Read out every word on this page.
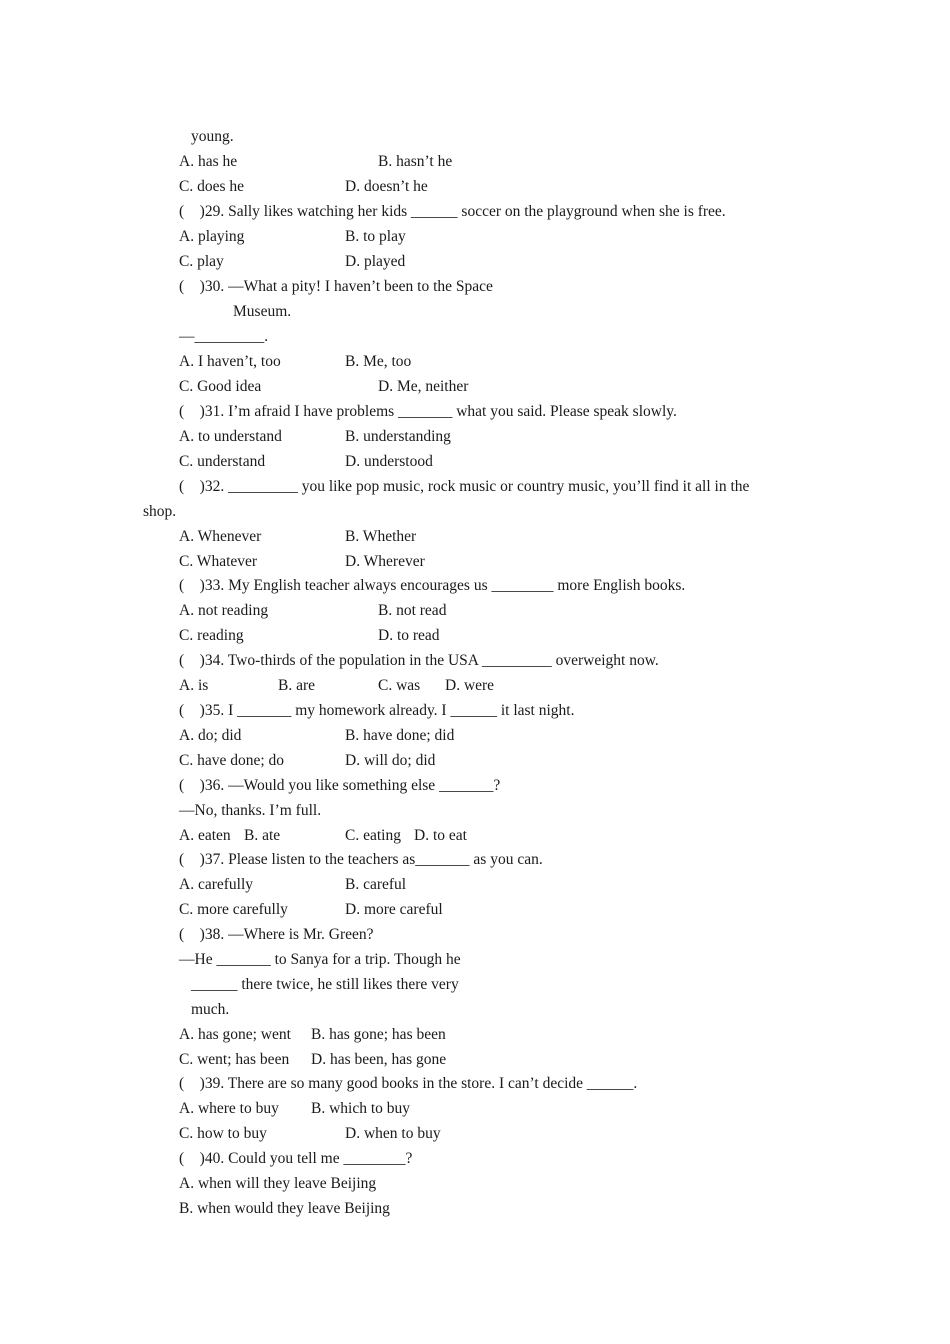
young.
A. has he	B. hasn’t he
C. does he	D. doesn’t he
(    )29. Sally likes watching her kids ______ soccer on the playground when she is free.
A. playing	B. to play
C. play	D. played
(    )30. —What a pity! I haven’t been to the Space
Museum.
—_________.
A. I haven’t, too	B. Me, too
C. Good idea	D. Me, neither
(    )31. I’m afraid I have problems _______ what you said. Please speak slowly.
A. to understand	B. understanding
C. understand	D. understood
(    )32. _________ you like pop music, rock music or country music, you’ll find it all in the
shop.
A. Whenever	B. Whether
C. Whatever	D. Wherever
(    )33. My English teacher always encourages us ________ more English books.
A. not reading	B. not read
C. reading	D. to read
(    )34. Two-thirds of the population in the USA _________ overweight now.
A. is	B. are	C. was D. were
(    )35. I _______ my homework already. I ______ it last night.
A. do; did	B. have done; did
C. have done; do	D. will do; did
(    )36. —Would you like something else _______?
—No, thanks. I’m full.
A. eaten B. ate	C. eating D. to eat
(    )37. Please listen to the teachers as_______ as you can.
A. carefully	B. careful
C. more carefully	D. more careful
(    )38. —Where is Mr. Green?
—He _______ to Sanya for a trip. Though he
______ there twice, he still likes there very
much.
A. has gone; went B. has gone; has been
C. went; has been D. has been, has gone
(    )39. There are so many good books in the store. I can’t decide ______.
A. where to buy B. which to buy
C. how to buy	D. when to buy
(    )40. Could you tell me ________?
A. when will they leave Beijing
B. when would they leave Beijing
